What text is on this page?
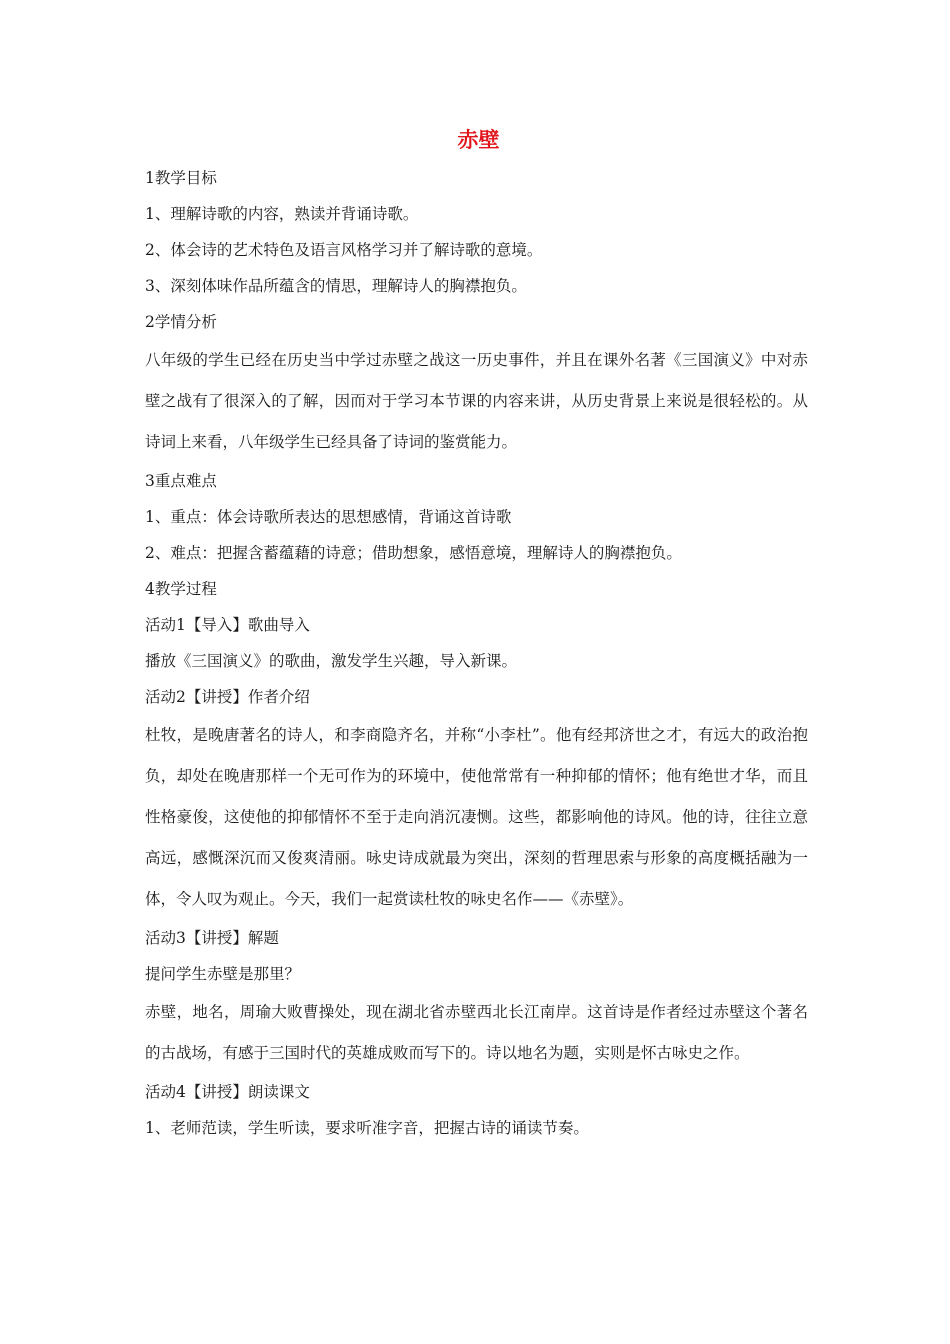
赤壁

1教学目标

1、理解诗歌的内容，熟读并背诵诗歌。

2、体会诗的艺术特色及语言风格学习并了解诗歌的意境。

3、深刻体味作品所蕴含的情思，理解诗人的胸襟抱负。

2学情分析

八年级的学生已经在历史当中学过赤壁之战这一历史事件，并且在课外名著《三国演义》中对赤壁之战有了很深入的了解，因而对于学习本节课的内容来讲，从历史背景上来说是很轻松的。从诗词上来看，八年级学生已经具备了诗词的鉴赏能力。

3重点难点

1、重点：体会诗歌所表达的思想感情，背诵这首诗歌

2、难点：把握含蓄蕴藉的诗意；借助想象，感悟意境，理解诗人的胸襟抱负。

4教学过程

活动1【导入】歌曲导入

播放《三国演义》的歌曲，激发学生兴趣，导入新课。

活动2【讲授】作者介绍

杜牧，是晚唐著名的诗人，和李商隐齐名，并称“小李杜”。他有经邦济世之才，有远大的政治抱负，却处在晚唐那样一个无可作为的环境中，使他常常有一种抑郁的情怀；他有绝世才华，而且性格豪俊，这使他的抑郁情怀不至于走向消沉凄恻。这些，都影响他的诗风。他的诗，往往立意高远，感慨深沉而又俊爽清丽。咏史诗成就最为突出，深刻的哲理思索与形象的高度概括融为一体，令人叹为观止。今天，我们一起赏读杜牧的咏史名作——《赤壁》。

活动3【讲授】解题

提问学生赤壁是那里？

赤壁，地名，周瑜大败曹操处，现在湖北省赤壁西北长江南岸。这首诗是作者经过赤壁这个著名的古战场，有感于三国时代的英雄成败而写下的。诗以地名为题，实则是怀古咏史之作。

活动4【讲授】朗读课文

1、老师范读，学生听读，要求听准字音，把握古诗的诵读节奏。
